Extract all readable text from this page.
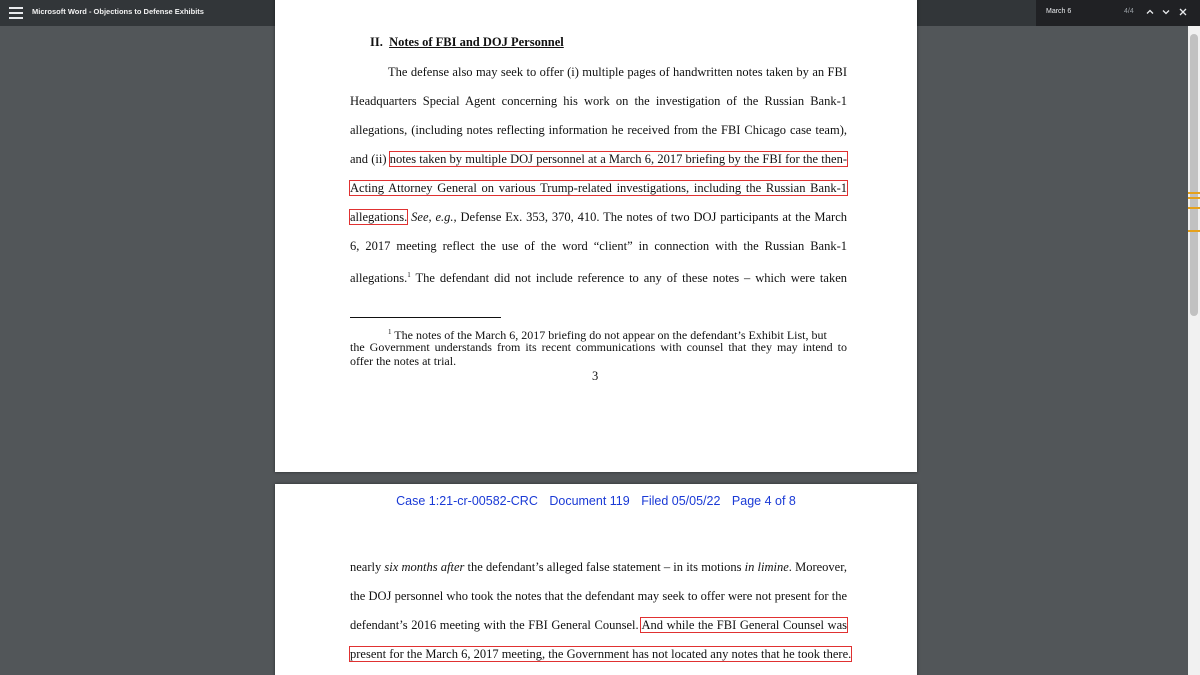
Microsoft Word - Objections to Defense Exhibits	March 6	4/4
II. Notes of FBI and DOJ Personnel
The defense also may seek to offer (i) multiple pages of handwritten notes taken by an FBI
Headquarters Special Agent concerning his work on the investigation of the Russian Bank-1
allegations, (including notes reflecting information he received from the FBI Chicago case team),
and (ii) notes taken by multiple DOJ personnel at a March 6, 2017 briefing by the FBI for the then-
Acting Attorney General on various Trump-related investigations, including the Russian Bank-1
allegations. See, e.g., Defense Ex. 353, 370, 410. The notes of two DOJ participants at the March
6, 2017 meeting reflect the use of the word “client” in connection with the Russian Bank-1
allegations.$^1$ The defendant did not include reference to any of these notes – which were taken
$^1$ The notes of the March 6, 2017 briefing do not appear on the defendant’s Exhibit List, but
the Government understands from its recent communications with counsel that they may intend to
offer the notes at trial.
3
Case 1:21-cr-00582-CRC Document 119 Filed 05/05/22 Page 4 of 8
nearly six months after the defendant’s alleged false statement – in its motions in limine. Moreover,
the DOJ personnel who took the notes that the defendant may seek to offer were not present for the
defendant’s 2016 meeting with the FBI General Counsel. And while the FBI General Counsel was
present for the March 6, 2017 meeting, the Government has not located any notes that he took there.
